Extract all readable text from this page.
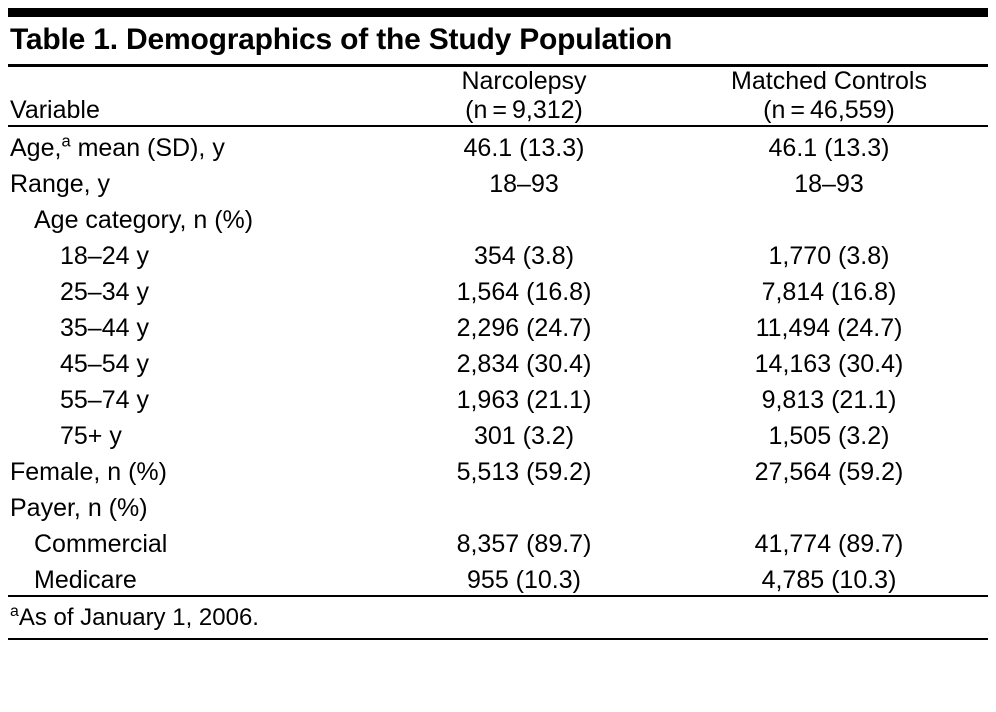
Table 1. Demographics of the Study Population
	Narcolepsy	Matched Controls
Variable	(n = 9,312)	(n = 46,559)
Age,$^a$ mean (SD), y	46.1 (13.3)	46.1 (13.3)
Range, y	18–93	18–93
Age category, n (%)		
18–24 y	354 (3.8)	1,770 (3.8)
25–34 y	1,564 (16.8)	7,814 (16.8)
35–44 y	2,296 (24.7)	11,494 (24.7)
45–54 y	2,834 (30.4)	14,163 (30.4)
55–74 y	1,963 (21.1)	9,813 (21.1)
75+ y	301 (3.2)	1,505 (3.2)
Female, n (%)	5,513 (59.2)	27,564 (59.2)
Payer, n (%)		
Commercial	8,357 (89.7)	41,774 (89.7)
Medicare	955 (10.3)	4,785 (10.3)
$^a$As of January 1, 2006.
